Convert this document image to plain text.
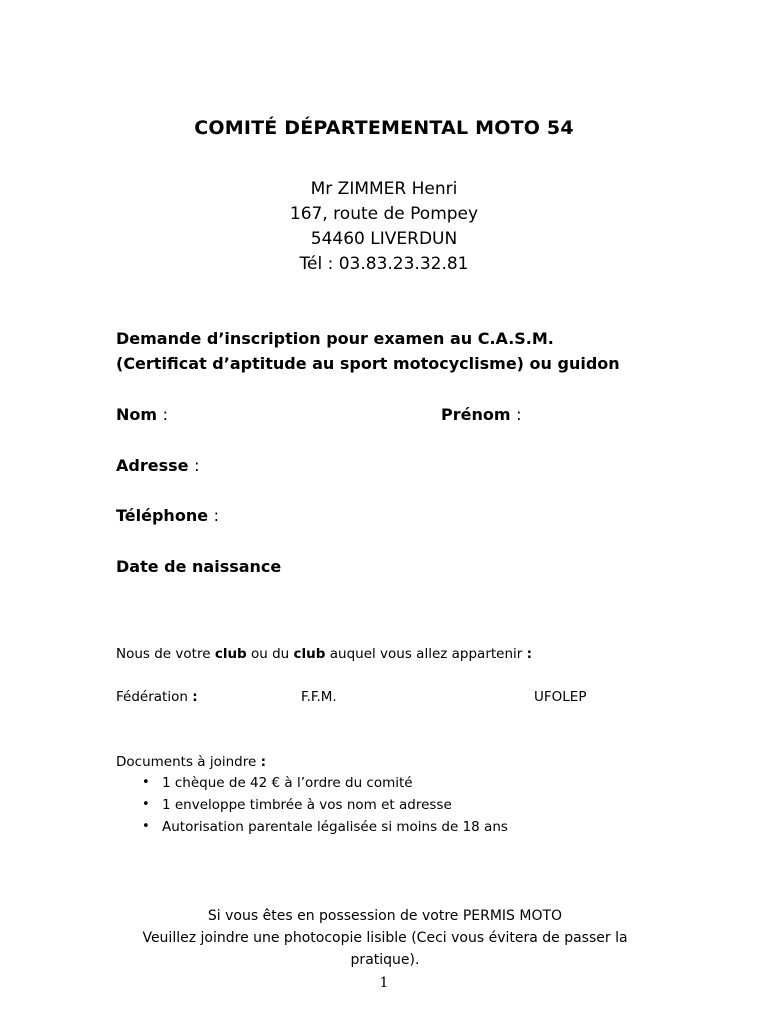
COMITÉ DÉPARTEMENTAL MOTO 54
Mr ZIMMER Henri
167, route de Pompey
54460 LIVERDUN
Tél : 03.83.23.32.81
Demande d’inscription pour examen au C.A.S.M.
(Certificat d’aptitude au sport motocyclisme) ou guidon
Nom :	Prénom :
Adresse :
Téléphone :
Date de naissance
Nous de votre club ou du club auquel vous allez appartenir :
Fédération :	F.F.M.	UFOLEP
Documents à joindre :
• 1 chèque de 42 € à l’ordre du comité
• 1 enveloppe timbrée à vos nom et adresse
• Autorisation parentale légalisée si moins de 18 ans
Si vous êtes en possession de votre PERMIS MOTO
Veuillez joindre une photocopie lisible (Ceci vous évitera de passer la pratique).
1
